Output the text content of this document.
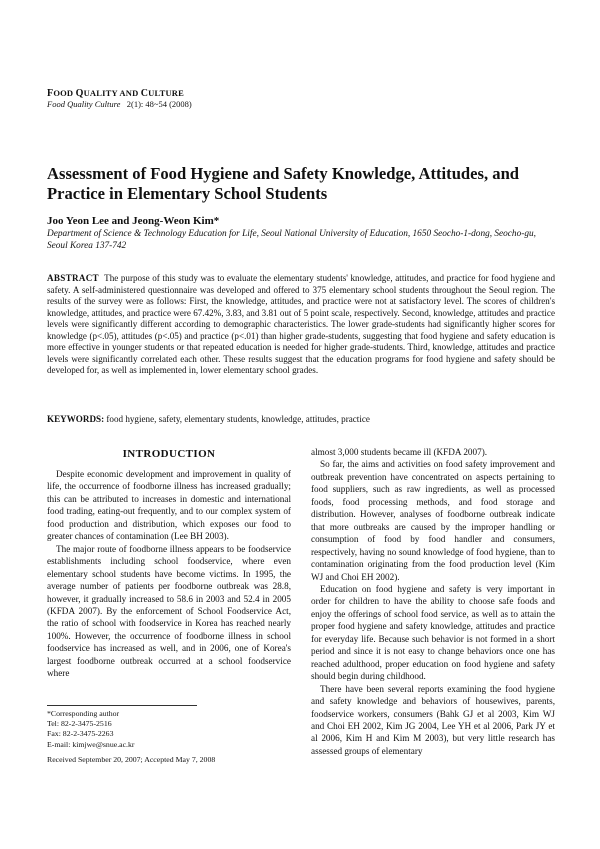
FOOD QUALITY AND CULTURE
Food Quality Culture 2(1): 48~54 (2008)
Assessment of Food Hygiene and Safety Knowledge, Attitudes, and Practice in Elementary School Students
Joo Yeon Lee and Jeong-Weon Kim*
Department of Science & Technology Education for Life, Seoul National University of Education, 1650 Seocho-1-dong, Seocho-gu, Seoul Korea 137-742

ABSTRACT The purpose of this study was to evaluate the elementary students' knowledge, attitudes, and practice for food hygiene and safety. A self-administered questionnaire was developed and offered to 375 elementary school students throughout the Seoul region. The results of the survey were as follows: First, the knowledge, attitudes, and practice were not at satisfactory level. The scores of children's knowledge, attitudes, and practice were 67.42%, 3.83, and 3.81 out of 5 point scale, respectively. Second, knowledge, attitudes and practice levels were significantly different according to demographic characteristics. The lower grade-students had significantly higher scores for knowledge (p<.05), attitudes (p<.05) and practice (p<.01) than higher grade-students, suggesting that food hygiene and safety education is more effective in younger students or that repeated education is needed for higher grade-students. Third, knowledge, attitudes and practice levels were significantly correlated each other. These results suggest that the education programs for food hygiene and safety should be developed for, as well as implemented in, lower elementary school grades.

KEYWORDS: food hygiene, safety, elementary students, knowledge, attitudes, practice
INTRODUCTION

Despite economic development and improvement in quality of life, the occurrence of foodborne illness has increased gradually; this can be attributed to increases in domestic and international food trading, eating-out frequently, and to our complex system of food production and distribution, which exposes our food to greater chances of contamination (Lee BH 2003).

The major route of foodborne illness appears to be foodservice establishments including school foodservice, where even elementary school students have become victims. In 1995, the average number of patients per foodborne outbreak was 28.8, however, it gradually increased to 58.6 in 2003 and 52.4 in 2005 (KFDA 2007). By the enforcement of School Foodservice Act, the ratio of school with foodservice in Korea has reached nearly 100%. However, the occurrence of foodborne illness in school foodservice has increased as well, and in 2006, one of Korea's largest foodborne outbreak occurred at a school foodservice where

almost 3,000 students became ill (KFDA 2007).

So far, the aims and activities on food safety improvement and outbreak prevention have concentrated on aspects pertaining to food suppliers, such as raw ingredients, as well as processed foods, food processing methods, and food storage and distribution. However, analyses of foodborne outbreak indicate that more outbreaks are caused by the improper handling or consumption of food by food handler and consumers, respectively, having no sound knowledge of food hygiene, than to contamination originating from the food production level (Kim WJ and Choi EH 2002).

Education on food hygiene and safety is very important in order for children to have the ability to choose safe foods and enjoy the offerings of school food service, as well as to attain the proper food hygiene and safety knowledge, attitudes and practice for everyday life. Because such behavior is not formed in a short period and since it is not easy to change behaviors once one has reached adulthood, proper education on food hygiene and safety should begin during childhood.

There have been several reports examining the food hygiene and safety knowledge and behaviors of housewives, parents, foodservice workers, consumers (Bahk GJ et al 2003, Kim WJ and Choi EH 2002, Kim JG 2004, Lee YH et al 2006, Park JY et al 2006, Kim H and Kim M 2003), but very little research has assessed groups of elementary

*Corresponding author
Tel: 82-2-3475-2516
Fax: 82-2-3475-2263
E-mail: kimjwe@snue.ac.kr
Received September 20, 2007; Accepted May 7, 2008
